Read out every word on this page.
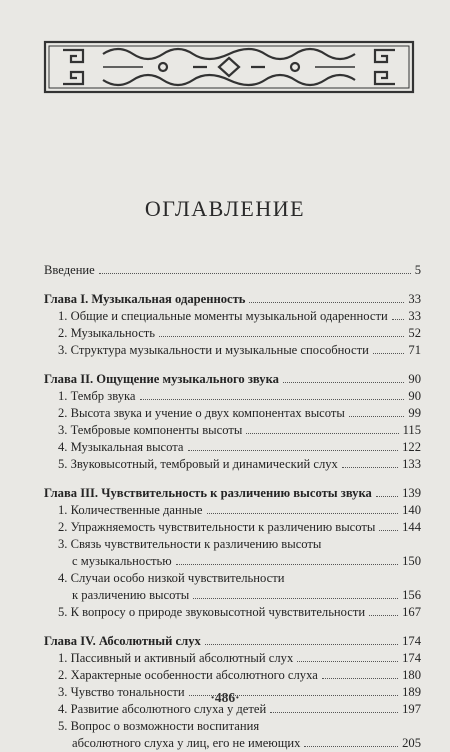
ОГЛАВЛЕНИЕ
Введение	5
Глава I. Музыкальная одаренность	33
1. Общие и специальные моменты музыкальной одаренности 33
2. Музыкальность	52
3. Структура музыкальности и музыкальные способности	71
Глава II. Ощущение музыкального звука	90
1. Тембр звука	90
2. Высота звука и учение о двух компонентах высоты	99
3. Тембровые компоненты высоты	115
4. Музыкальная высота	122
5. Звуковысотный, тембровый и динамический слух	133
Глава III. Чувствительность к различению высоты звука 139
1. Количественные данные	140
2. Упражняемость чувствительности к различению высоты 144
3. Связь чувствительности к различению высоты
с музыкальностью	150
4. Случаи особо низкой чувствительности
к различению высоты	156
5. К вопросу о природе звуковысотной чувствительности	167
Глава IV. Абсолютный слух	174
1. Пассивный и активный абсолютный слух	174
2. Характерные особенности абсолютного слуха	180
3. Чувство тональности	189
4. Развитие абсолютного слуха у детей	197
5. Вопрос о возможности воспитания
абсолютного слуха у лиц, его не имеющих	205
·486·
